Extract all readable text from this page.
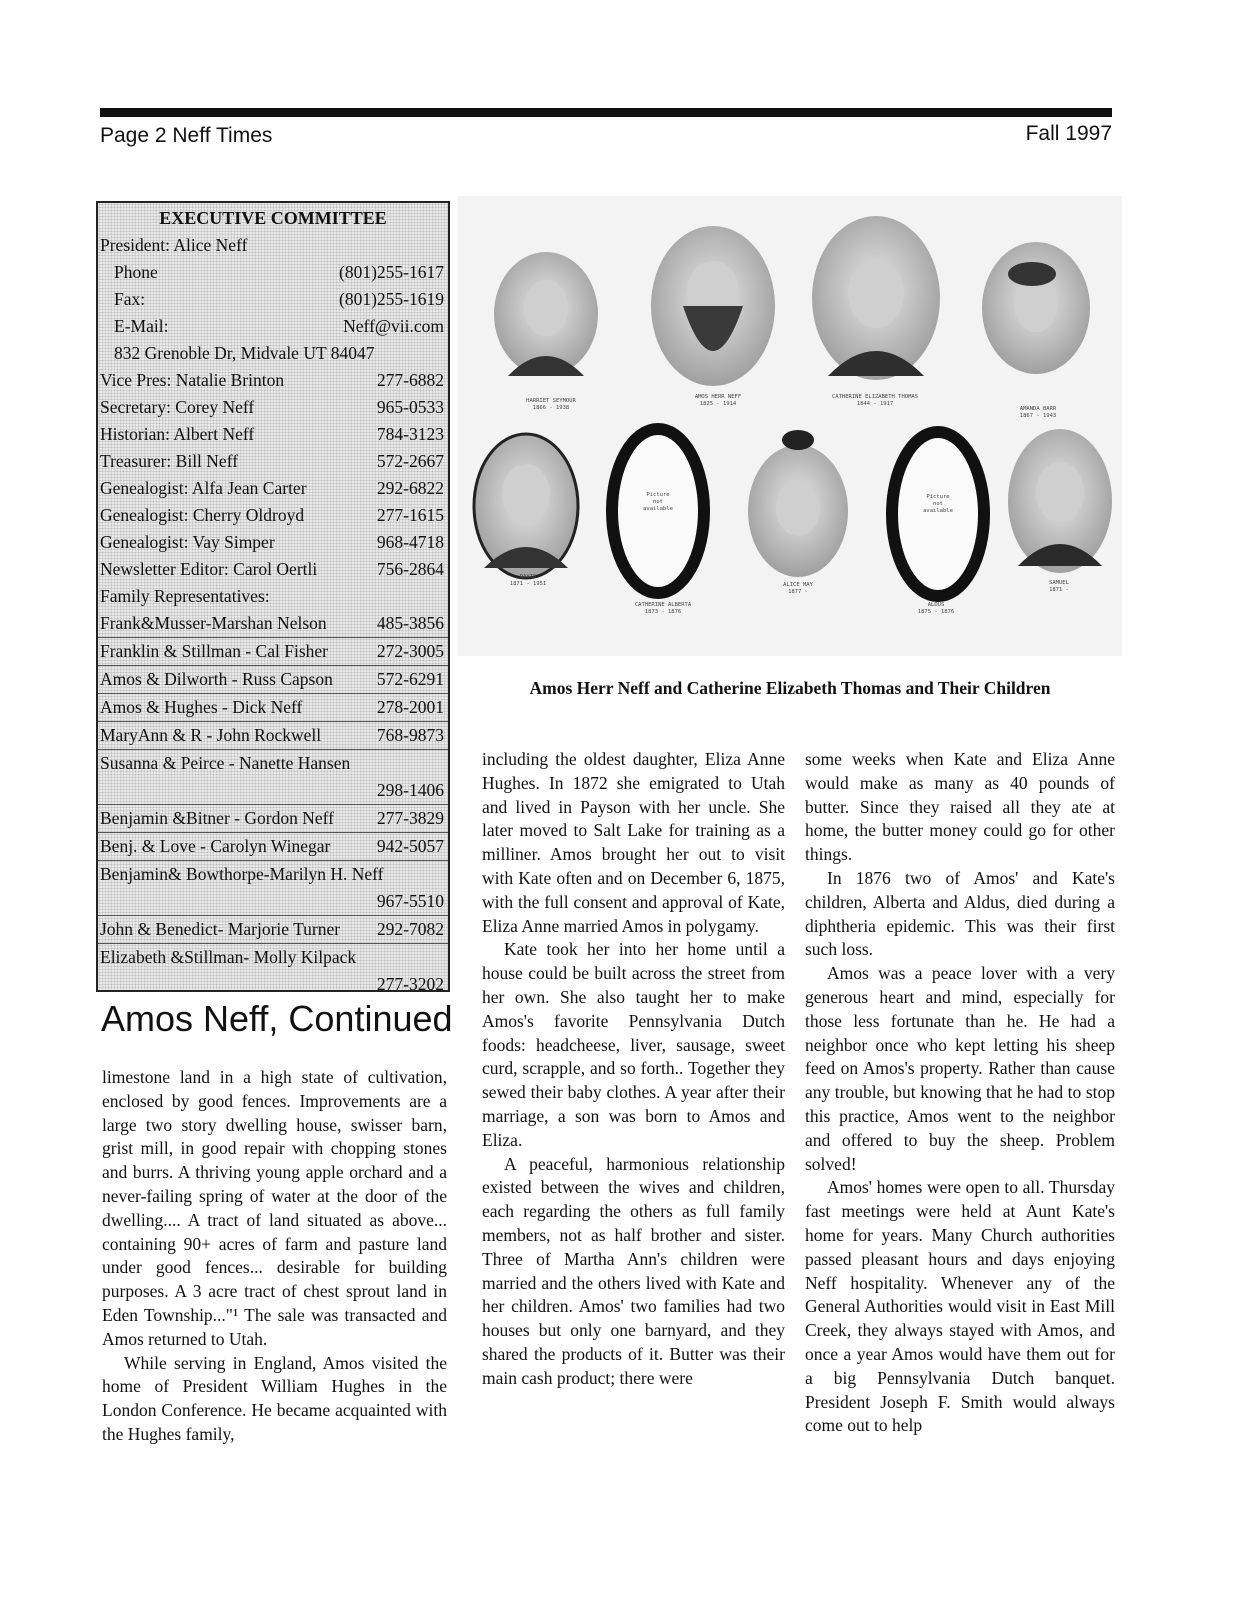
Page 2 Neff Times	Fall 1997
EXECUTIVE COMMITTEE
President: Alice Neff
Phone	(801)255-1617
Fax:	(801)255-1619
E-Mail:	Neff@vii.com
832 Grenoble Dr, Midvale UT 84047
Vice Pres: Natalie Brinton	277-6882
Secretary: Corey Neff	965-0533
Historian: Albert Neff	784-3123
Treasurer: Bill Neff	572-2667
Genealogist: Alfa Jean Carter	292-6822
Genealogist: Cherry Oldroyd	277-1615
Genealogist: Vay Simper	968-4718
Newsletter Editor: Carol Oertli	756-2864
Family Representatives:
Frank&Musser-Marshan Nelson	485-3856
Franklin & Stillman - Cal Fisher	272-3005
Amos & Dilworth - Russ Capson	572-6291
Amos & Hughes - Dick Neff	278-2001
MaryAnn & R - John Rockwell	768-9873
Susanna & Peirce - Nanette Hansen
298-1406
Benjamin &Bitner - Gordon Neff 277-3829
Benj. & Love - Carolyn Winegar	942-5057
Benjamin& Bowthorpe-Marilyn H. Neff
967-5510
John & Benedict- Marjorie Turner 292-7082
Elizabeth &Stillman- Molly Kilpack
277-3202
Amos Neff, Continued
HARRIET SEYMOUR
1866 - 1938
AMOS HERR NEFF
1825 - 1914
CATHERINE ELIZABETH THOMAS
1844 - 1917
AMANDA BARR
1867 - 1943
DAVID
1871 - 1951
Picture
not
available
CATHERINE ALBERTA
1873 - 1876
ALICE MAY
1877 -
Picture
not
available
ALDUS
1875 - 1876
SAMUEL
1871 -
Amos Herr Neff and Catherine Elizabeth Thomas and Their Children

limestone land in a high state of cultivation, enclosed by good fences. Improvements are a large two story dwelling house, swisser barn, grist mill, in good repair with chopping stones and burrs. A thriving young apple orchard and a never-failing spring of water at the door of the dwelling.... A tract of land situated as above... containing 90+ acres of farm and pasture land under good fences... desirable for building purposes. A 3 acre tract of chest sprout land in Eden Township..."¹ The sale was transacted and Amos returned to Utah.

While serving in England, Amos visited the home of President William Hughes in the London Conference. He became acquainted with the Hughes family,

including the oldest daughter, Eliza Anne Hughes. In 1872 she emigrated to Utah and lived in Payson with her uncle. She later moved to Salt Lake for training as a milliner. Amos brought her out to visit with Kate often and on December 6, 1875, with the full consent and approval of Kate, Eliza Anne married Amos in polygamy.

Kate took her into her home until a house could be built across the street from her own. She also taught her to make Amos's favorite Pennsylvania Dutch foods: headcheese, liver, sausage, sweet curd, scrapple, and so forth.. Together they sewed their baby clothes. A year after their marriage, a son was born to Amos and Eliza.

A peaceful, harmonious relationship existed between the wives and children, each regarding the others as full family members, not as half brother and sister. Three of Martha Ann's children were married and the others lived with Kate and her children. Amos' two families had two houses but only one barnyard, and they shared the products of it. Butter was their main cash product; there were

some weeks when Kate and Eliza Anne would make as many as 40 pounds of butter. Since they raised all they ate at home, the butter money could go for other things.

In 1876 two of Amos' and Kate's children, Alberta and Aldus, died during a diphtheria epidemic. This was their first such loss.

Amos was a peace lover with a very generous heart and mind, especially for those less fortunate than he. He had a neighbor once who kept letting his sheep feed on Amos's property. Rather than cause any trouble, but knowing that he had to stop this practice, Amos went to the neighbor and offered to buy the sheep. Problem solved!

Amos' homes were open to all. Thursday fast meetings were held at Aunt Kate's home for years. Many Church authorities passed pleasant hours and days enjoying Neff hospitality. Whenever any of the General Authorities would visit in East Mill Creek, they always stayed with Amos, and once a year Amos would have them out for a big Pennsylvania Dutch banquet. President Joseph F. Smith would always come out to help
